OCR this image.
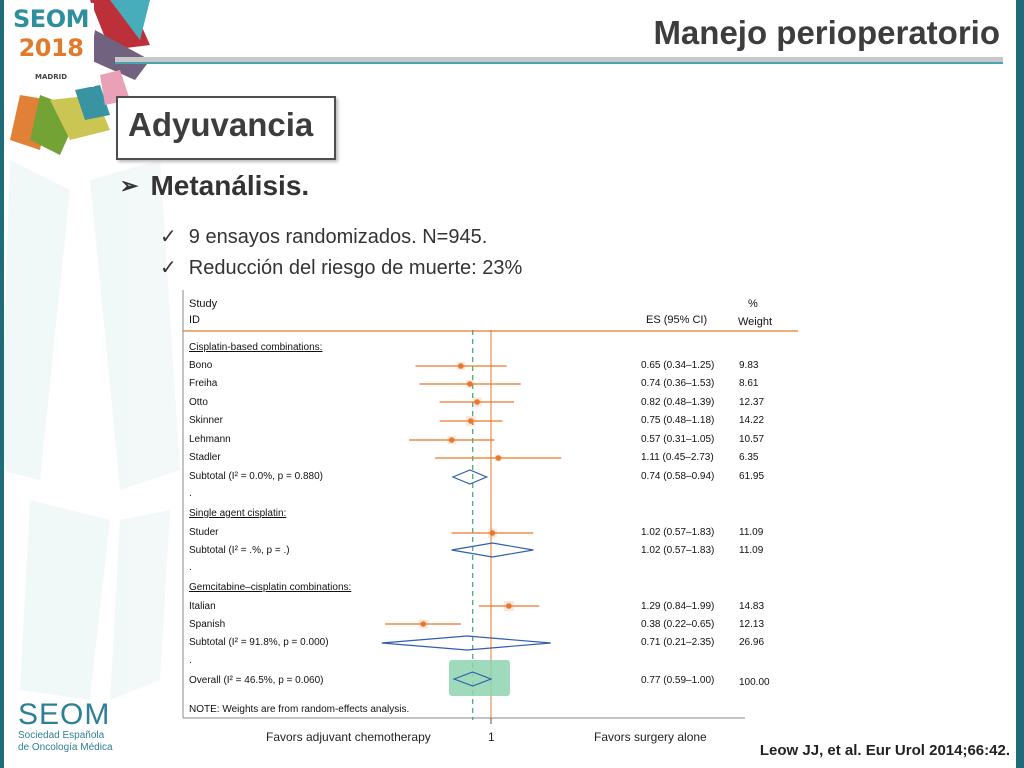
SEOM
2018
MADRID
Manejo perioperatorio
Adyuvancia
➢ Metanálisis.
✓ 9 ensayos randomizados. N=945.
✓ Reducción del riesgo de muerte: 23%
Study
ID	ES (95% CI)
%
Weight
Cisplatin-based combinations:
Bono	0.65 (0.34–1.25) 9.83
Freiha	0.74 (0.36–1.53) 8.61
Otto	0.82 (0.48–1.39) 12.37
Skinner	0.75 (0.48–1.18) 14.22
Lehmann	0.57 (0.31–1.05) 10.57
Stadler	1.11 (0.45–2.73)	6.35
Subtotal (I² = 0.0%, p = 0.880)	0.74 (0.58–0.94) 61.95
.
Single agent cisplatin:
Studer	1.02 (0.57–1.83) 11.09
Subtotal (I² = .%, p = .)	1.02 (0.57–1.83) 11.09
.
Gemcitabine–cisplatin combinations:
Italian	1.29 (0.84–1.99) 14.83
Spanish	0.38 (0.22–0.65) 12.13
Subtotal (I² = 91.8%, p = 0.000)	0.71 (0.21–2.35) 26.96
.
Overall (I² = 46.5%, p = 0.060)	0.77 (0.59–1.00) 100.00
NOTE: Weights are from random-effects analysis.
Favors adjuvant chemotherapy	1	Favors surgery alone
Leow JJ, et al. Eur Urol 2014;66:42.
SEOM
Sociedad Española
de Oncología Médica
